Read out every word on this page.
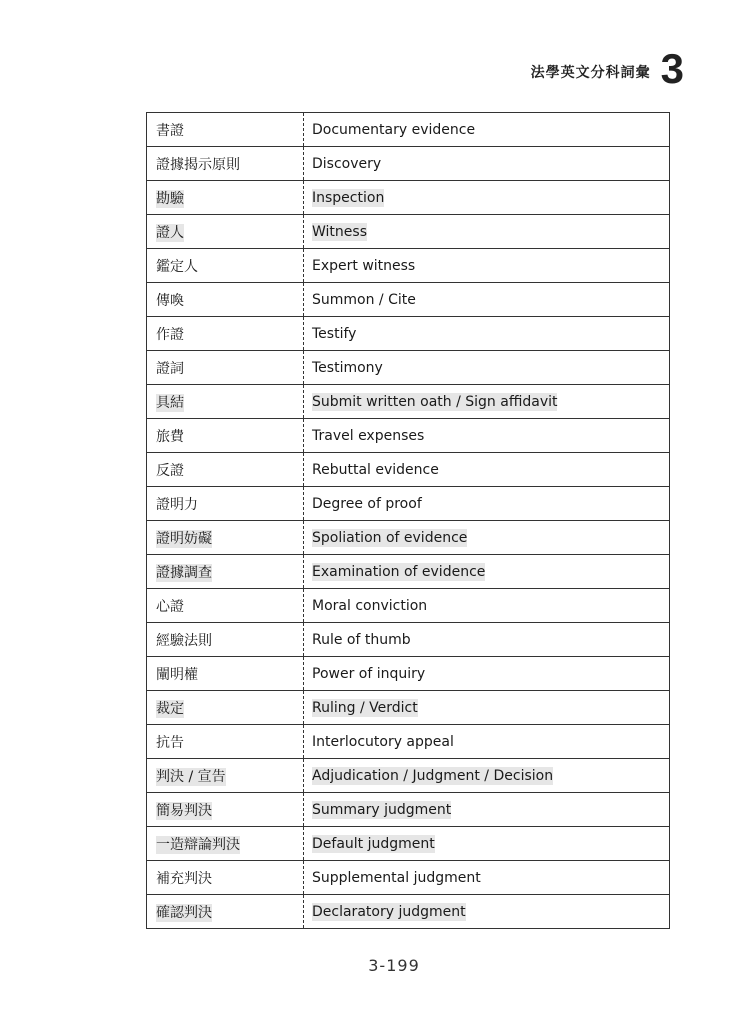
法學英文分科詞彙 3
書證	Documentary evidence
證據揭示原則	Discovery
勘驗	Inspection
證人	Witness
鑑定人	Expert witness
傳喚	Summon / Cite
作證	Testify
證詞	Testimony
具結	Submit written oath / Sign affidavit
旅費	Travel expenses
反證	Rebuttal evidence
證明力	Degree of proof
證明妨礙	Spoliation of evidence
證據調查	Examination of evidence
心證	Moral conviction
經驗法則	Rule of thumb
闡明權	Power of inquiry
裁定	Ruling / Verdict
抗告	Interlocutory appeal
判決 / 宣告	Adjudication / Judgment / Decision
簡易判決	Summary judgment
一造辯論判決	Default judgment
補充判決	Supplemental judgment
確認判決	Declaratory judgment
3-199
